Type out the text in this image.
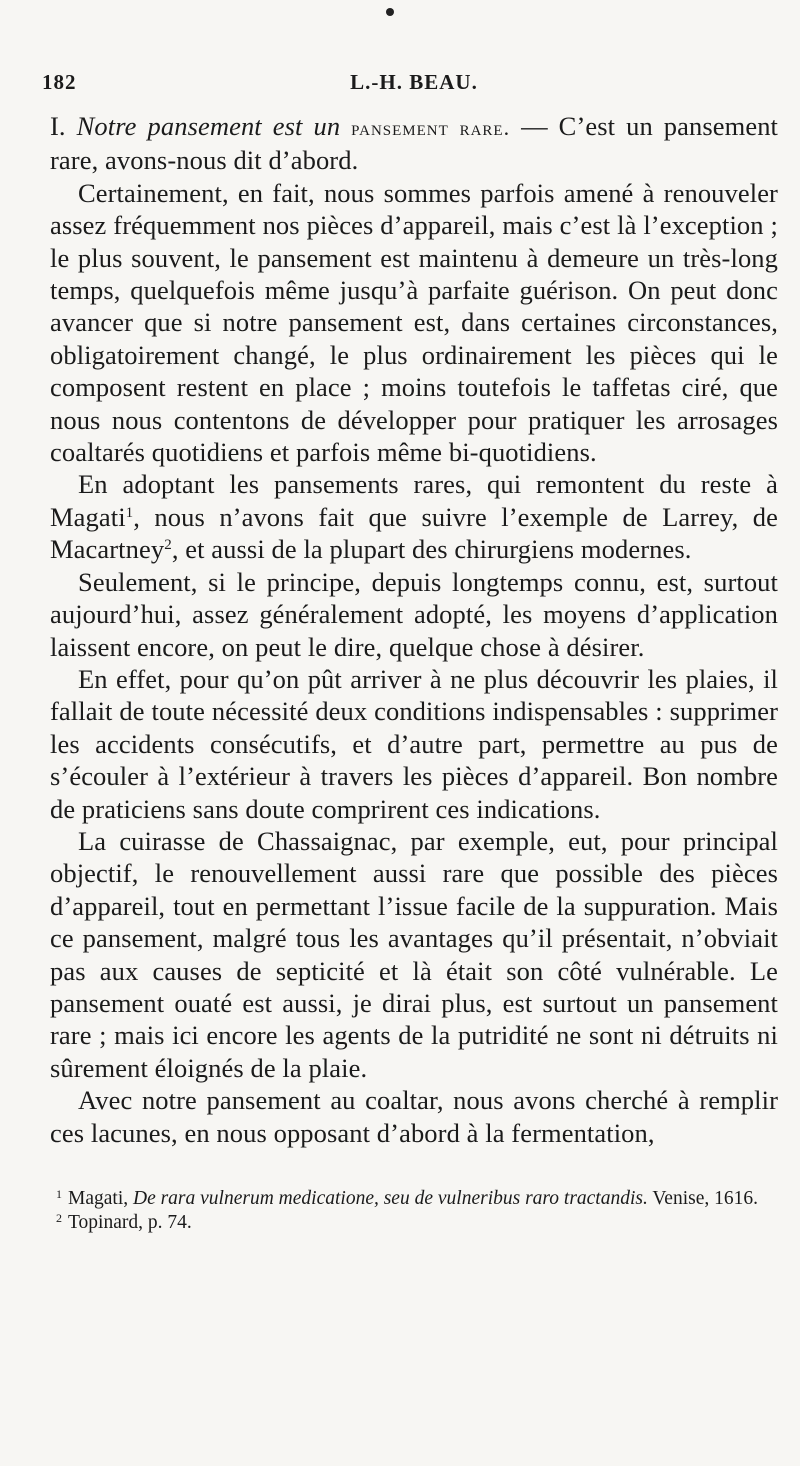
182	L.-H. BEAU.

I. Notre pansement est un pansement rare. — C’est un pansement rare, avons-nous dit d’abord.

Certainement, en fait, nous sommes parfois amené à renouveler assez fréquemment nos pièces d’appareil, mais c’est là l’exception ; le plus souvent, le pansement est maintenu à demeure un très-long temps, quelquefois même jusqu’à parfaite guérison. On peut donc avancer que si notre pansement est, dans certaines circonstances, obligatoirement changé, le plus ordinairement les pièces qui le composent restent en place ; moins toutefois le taffetas ciré, que nous nous contentons de développer pour pratiquer les arrosages coaltarés quotidiens et parfois même bi-quotidiens.

En adoptant les pansements rares, qui remontent du reste à Magati$^1$, nous n’avons fait que suivre l’exemple de Larrey, de Macartney$^2$, et aussi de la plupart des chirurgiens modernes.

Seulement, si le principe, depuis longtemps connu, est, surtout aujourd’hui, assez généralement adopté, les moyens d’application laissent encore, on peut le dire, quelque chose à désirer.

En effet, pour qu’on pût arriver à ne plus découvrir les plaies, il fallait de toute nécessité deux conditions indispensables : supprimer les accidents consécutifs, et d’autre part, permettre au pus de s’écouler à l’extérieur à travers les pièces d’appareil. Bon nombre de praticiens sans doute comprirent ces indications.

La cuirasse de Chassaignac, par exemple, eut, pour principal objectif, le renouvellement aussi rare que possible des pièces d’appareil, tout en permettant l’issue facile de la suppuration. Mais ce pansement, malgré tous les avantages qu’il présentait, n’obviait pas aux causes de septicité et là était son côté vulnérable. Le pansement ouaté est aussi, je dirai plus, est surtout un pansement rare ; mais ici encore les agents de la putridité ne sont ni détruits ni sûrement éloignés de la plaie.

Avec notre pansement au coaltar, nous avons cherché à remplir ces lacunes, en nous opposant d’abord à la fermentation,

$^1$ Magati, De rara vulnerum medicatione, seu de vulneribus raro tractandis. Venise, 1616.

$^2$ Topinard, p. 74.
